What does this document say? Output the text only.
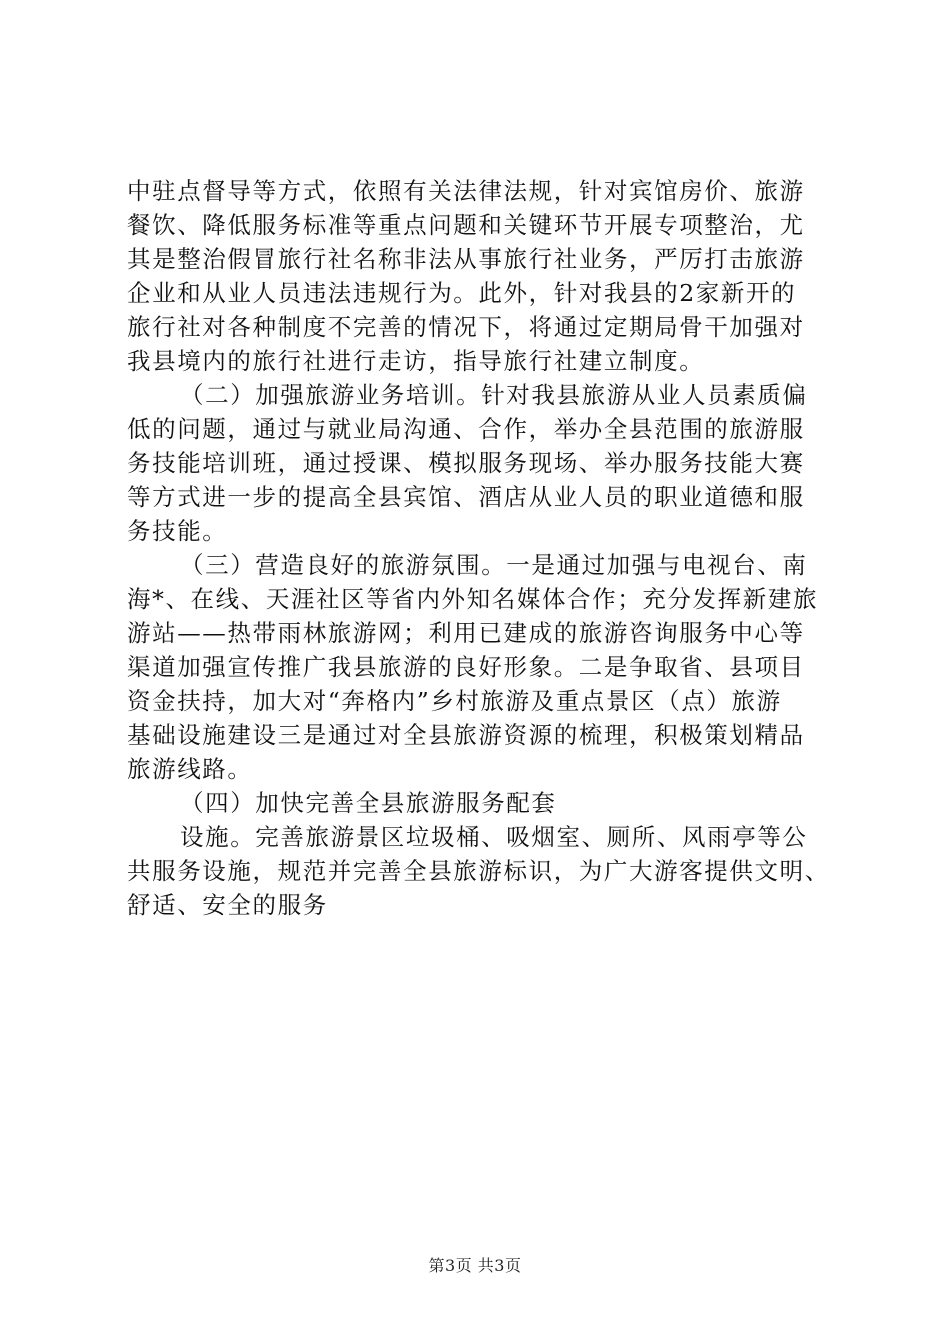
中驻点督导等方式，依照有关法律法规，针对宾馆房价、旅游
餐饮、降低服务标准等重点问题和关键环节开展专项整治，尤
其是整治假冒旅行社名称非法从事旅行社业务，严厉打击旅游
企业和从业人员违法违规行为。此外，针对我县的2家新开的
旅行社对各种制度不完善的情况下，将通过定期局骨干加强对
我县境内的旅行社进行走访，指导旅行社建立制度。
（二）加强旅游业务培训。针对我县旅游从业人员素质偏
低的问题，通过与就业局沟通、合作，举办全县范围的旅游服
务技能培训班，通过授课、模拟服务现场、举办服务技能大赛
等方式进一步的提高全县宾馆、酒店从业人员的职业道德和服
务技能。
（三）营造良好的旅游氛围。一是通过加强与电视台、南
海*、在线、天涯社区等省内外知名媒体合作；充分发挥新建旅
游站——热带雨林旅游网；利用已建成的旅游咨询服务中心等
渠道加强宣传推广我县旅游的良好形象。二是争取省、县项目
资金扶持，加大对“奔格内”乡村旅游及重点景区（点）旅游
基础设施建设三是通过对全县旅游资源的梳理，积极策划精品
旅游线路。
（四）加快完善全县旅游服务配套
设施。完善旅游景区垃圾桶、吸烟室、厕所、风雨亭等公
共服务设施，规范并完善全县旅游标识，为广大游客提供文明、
舒适、安全的服务
第3页 共3页
